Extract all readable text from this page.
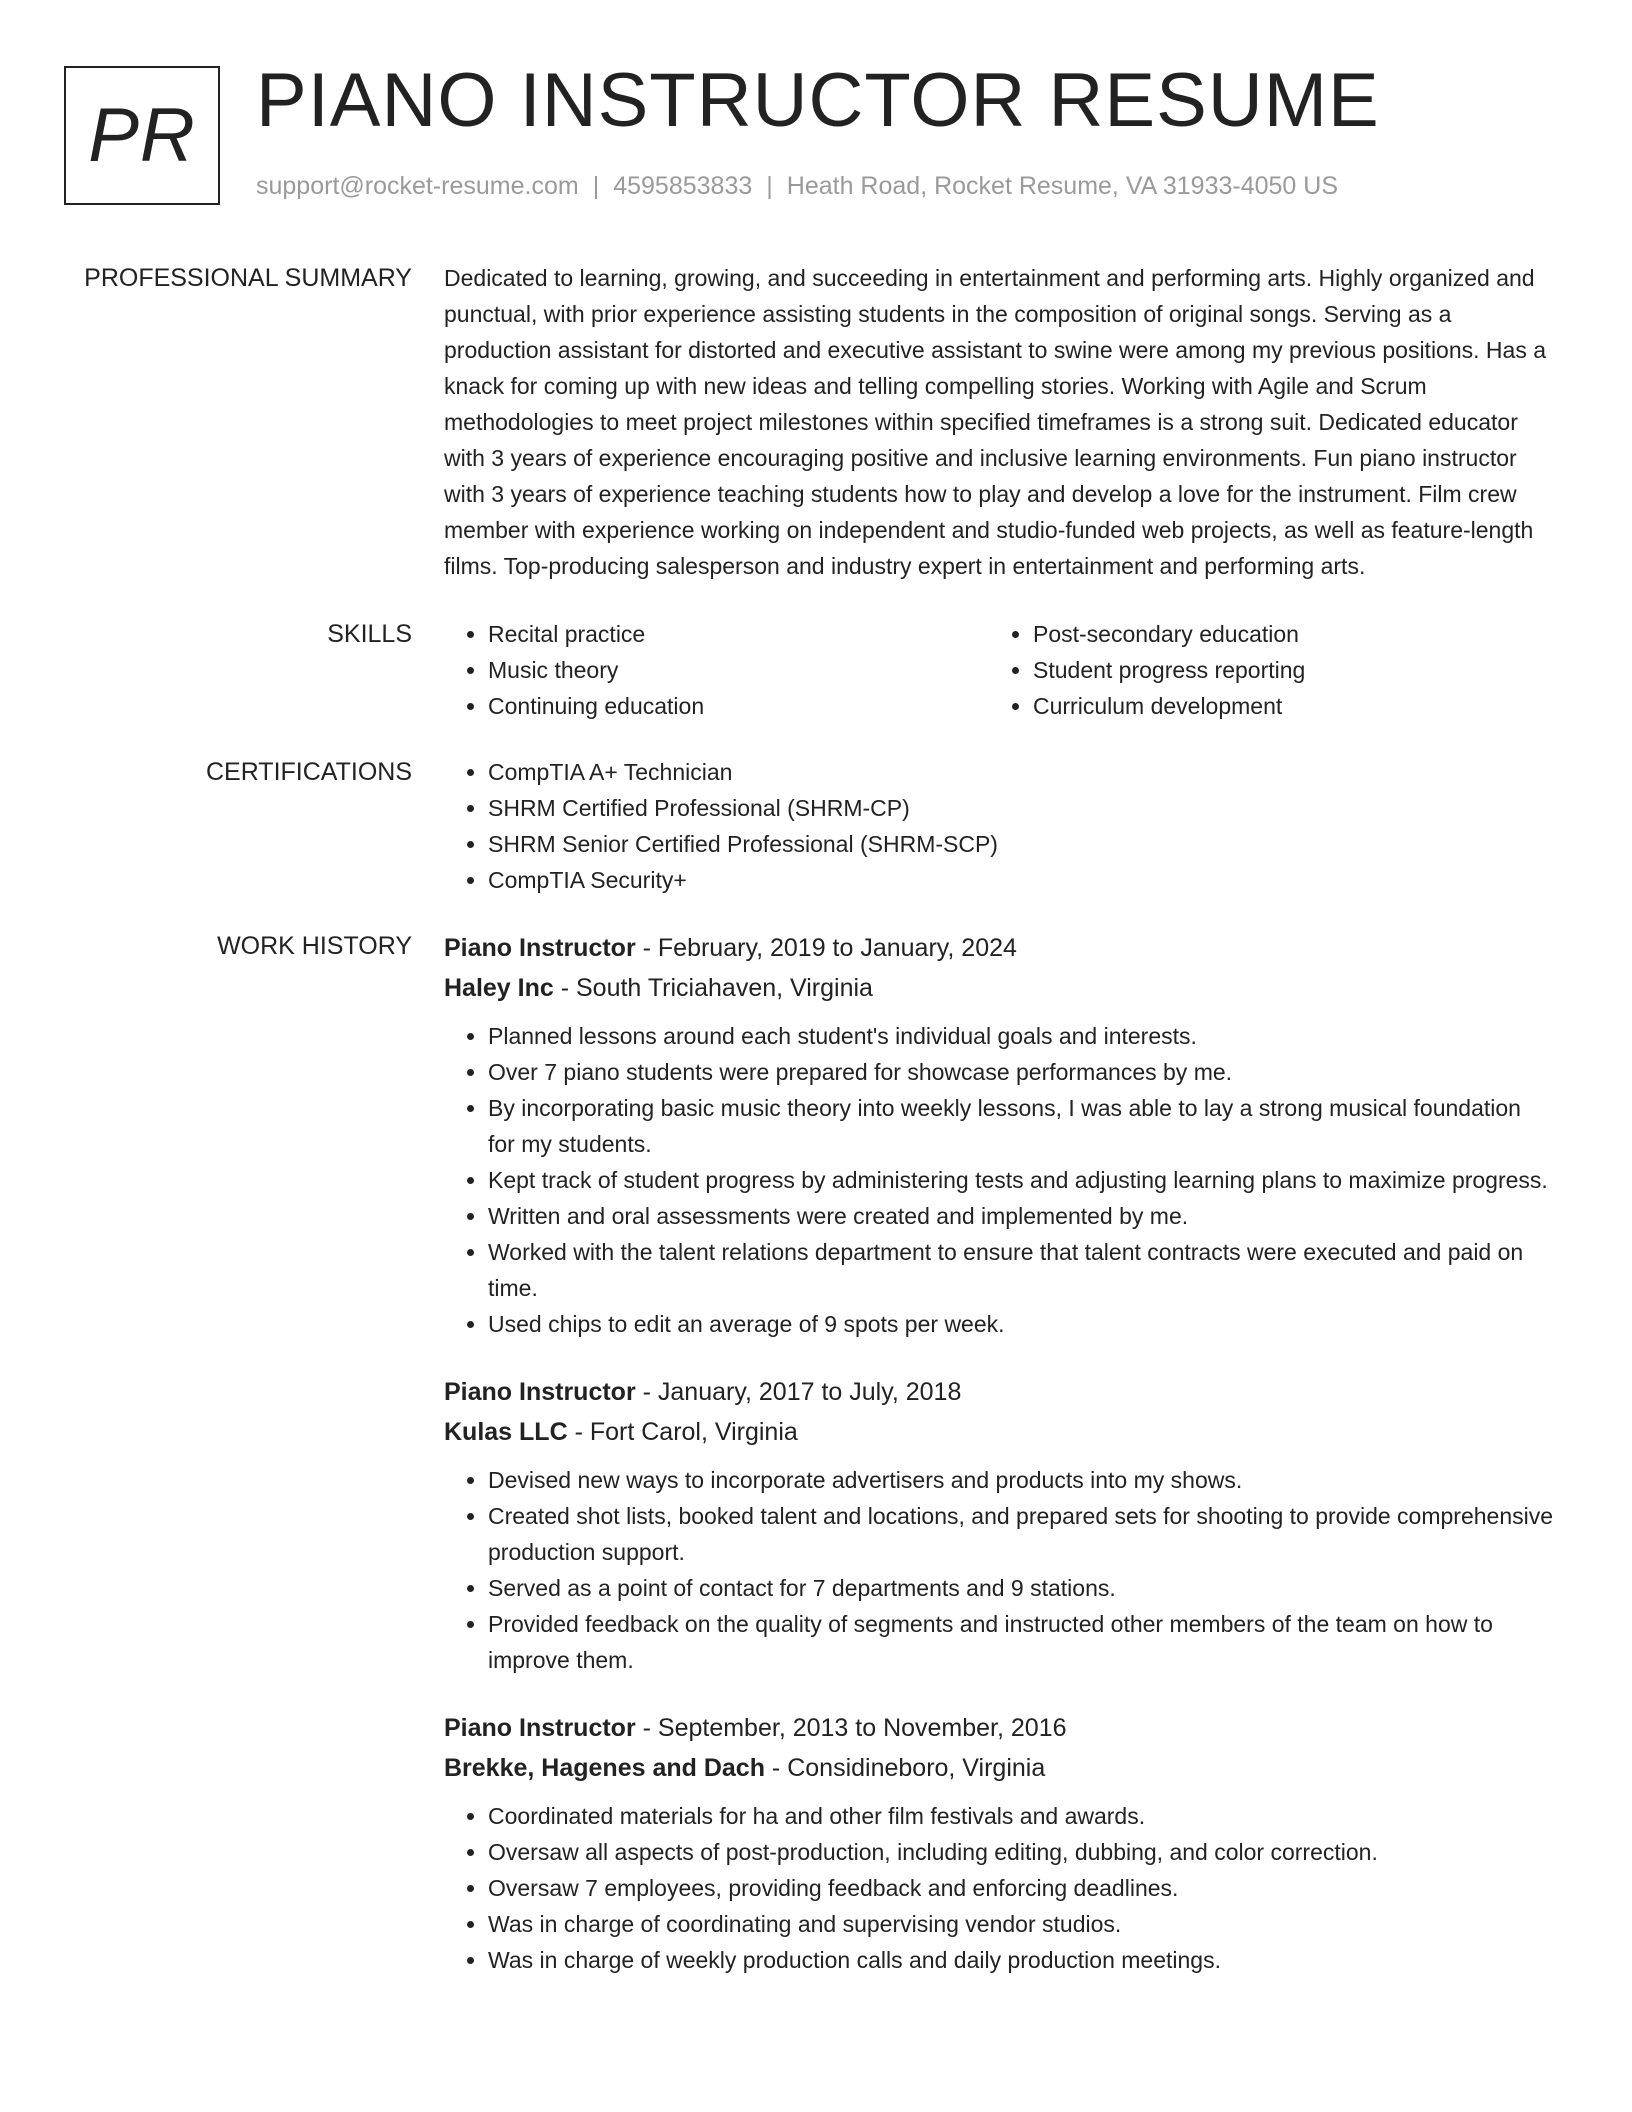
PR PIANO INSTRUCTOR RESUME
support@rocket-resume.com | 4595853833 | Heath Road, Rocket Resume, VA 31933-4050 US
PROFESSIONAL SUMMARY Dedicated to learning, growing, and succeeding in entertainment and performing arts. Highly organized and punctual, with prior experience assisting students in the composition of original songs. Serving as a production assistant for distorted and executive assistant to swine were among my previous positions. Has a knack for coming up with new ideas and telling compelling stories. Working with Agile and Scrum methodologies to meet project milestones within specified timeframes is a strong suit. Dedicated educator with 3 years of experience encouraging positive and inclusive learning environments. Fun piano instructor with 3 years of experience teaching students how to play and develop a love for the instrument. Film crew member with experience working on independent and studio-funded web projects, as well as feature-length films. Top-producing salesperson and industry expert in entertainment and performing arts.

SKILLS	• Recital practice
• Music theory
• Continuing education
• Post-secondary education
• Student progress reporting
• Curriculum development
CERTIFICATIONS	• CompTIA A+ Technician
• SHRM Certified Professional (SHRM-CP)
• SHRM Senior Certified Professional (SHRM-SCP)
• CompTIA Security+
WORK HISTORY Piano Instructor - February, 2019 to January, 2024
Haley Inc - South Triciahaven, Virginia
• Planned lessons around each student's individual goals and interests.
• Over 7 piano students were prepared for showcase performances by me.
• By incorporating basic music theory into weekly lessons, I was able to lay a strong musical foundation for my students.
• Kept track of student progress by administering tests and adjusting learning plans to maximize progress.
• Written and oral assessments were created and implemented by me.
• Worked with the talent relations department to ensure that talent contracts were executed and paid on time.
• Used chips to edit an average of 9 spots per week.
Piano Instructor - January, 2017 to July, 2018
Kulas LLC - Fort Carol, Virginia
• Devised new ways to incorporate advertisers and products into my shows.
• Created shot lists, booked talent and locations, and prepared sets for shooting to provide comprehensive production support.
• Served as a point of contact for 7 departments and 9 stations.
• Provided feedback on the quality of segments and instructed other members of the team on how to improve them.
Piano Instructor - September, 2013 to November, 2016
Brekke, Hagenes and Dach - Considineboro, Virginia
• Coordinated materials for ha and other film festivals and awards.
• Oversaw all aspects of post-production, including editing, dubbing, and color correction.
• Oversaw 7 employees, providing feedback and enforcing deadlines.
• Was in charge of coordinating and supervising vendor studios.
• Was in charge of weekly production calls and daily production meetings.
